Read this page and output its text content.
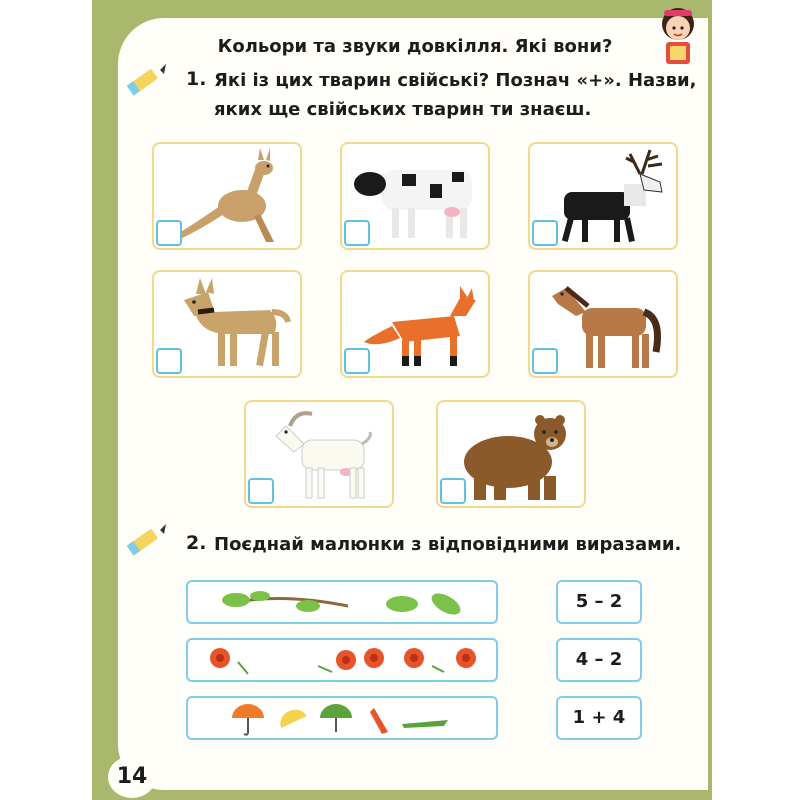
Кольори та звуки довкілля. Які вони?
1. Які із цих тварин свійські? Познач «+». Назви,
яких ще свійських тварин ти знаєш.
2. Поєднай малюнки з відповідними виразами.
5 – 2
4 – 2
1 + 4
14
